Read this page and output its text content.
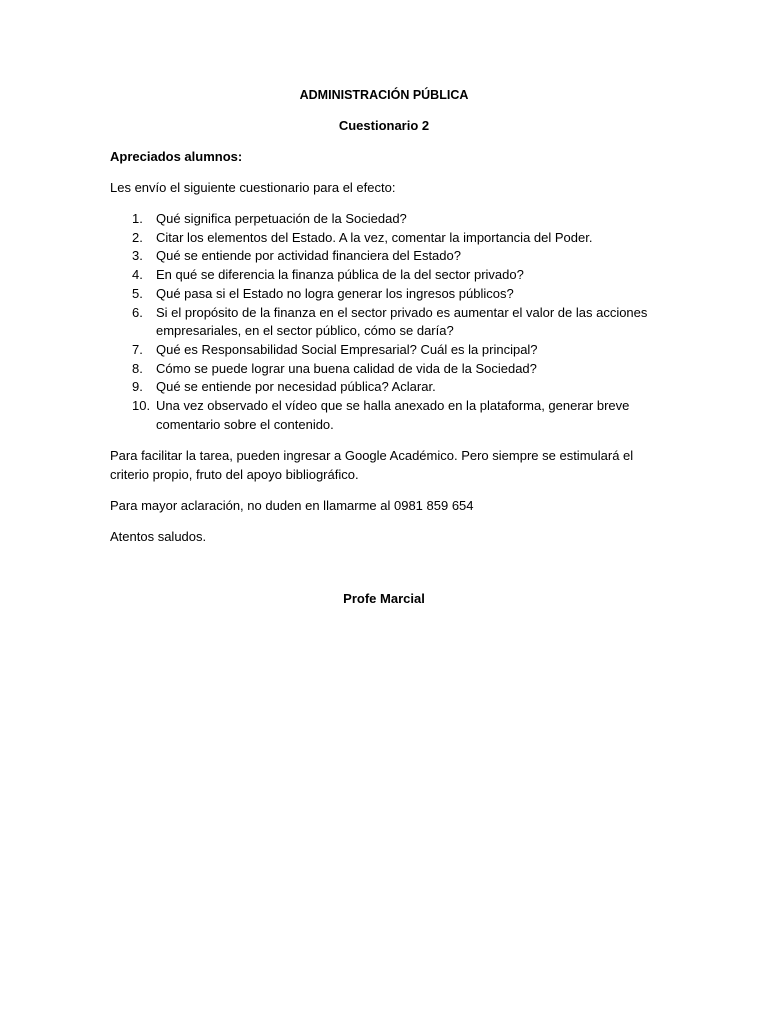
ADMINISTRACIÓN PÚBLICA

Cuestionario 2

Apreciados alumnos:

Les envío el siguiente cuestionario para el efecto:

1. Qué significa perpetuación de la Sociedad?
2. Citar los elementos del Estado. A la vez, comentar la importancia del Poder.
3. Qué se entiende por actividad financiera del Estado?
4. En qué se diferencia la finanza pública de la del sector privado?
5. Qué pasa si el Estado no logra generar los ingresos públicos?
6. Si el propósito de la finanza en el sector privado es aumentar el valor de las acciones empresariales, en el sector público, cómo se daría?
7. Qué es Responsabilidad Social Empresarial? Cuál es la principal?
8. Cómo se puede lograr una buena calidad de vida de la Sociedad?
9. Qué se entiende por necesidad pública? Aclarar.
10. Una vez observado el vídeo que se halla anexado en la plataforma, generar breve comentario sobre el contenido.

Para facilitar la tarea, pueden ingresar a Google Académico. Pero siempre se estimulará el criterio propio, fruto del apoyo bibliográfico.

Para mayor aclaración, no duden en llamarme al 0981 859 654

Atentos saludos.

Profe Marcial
